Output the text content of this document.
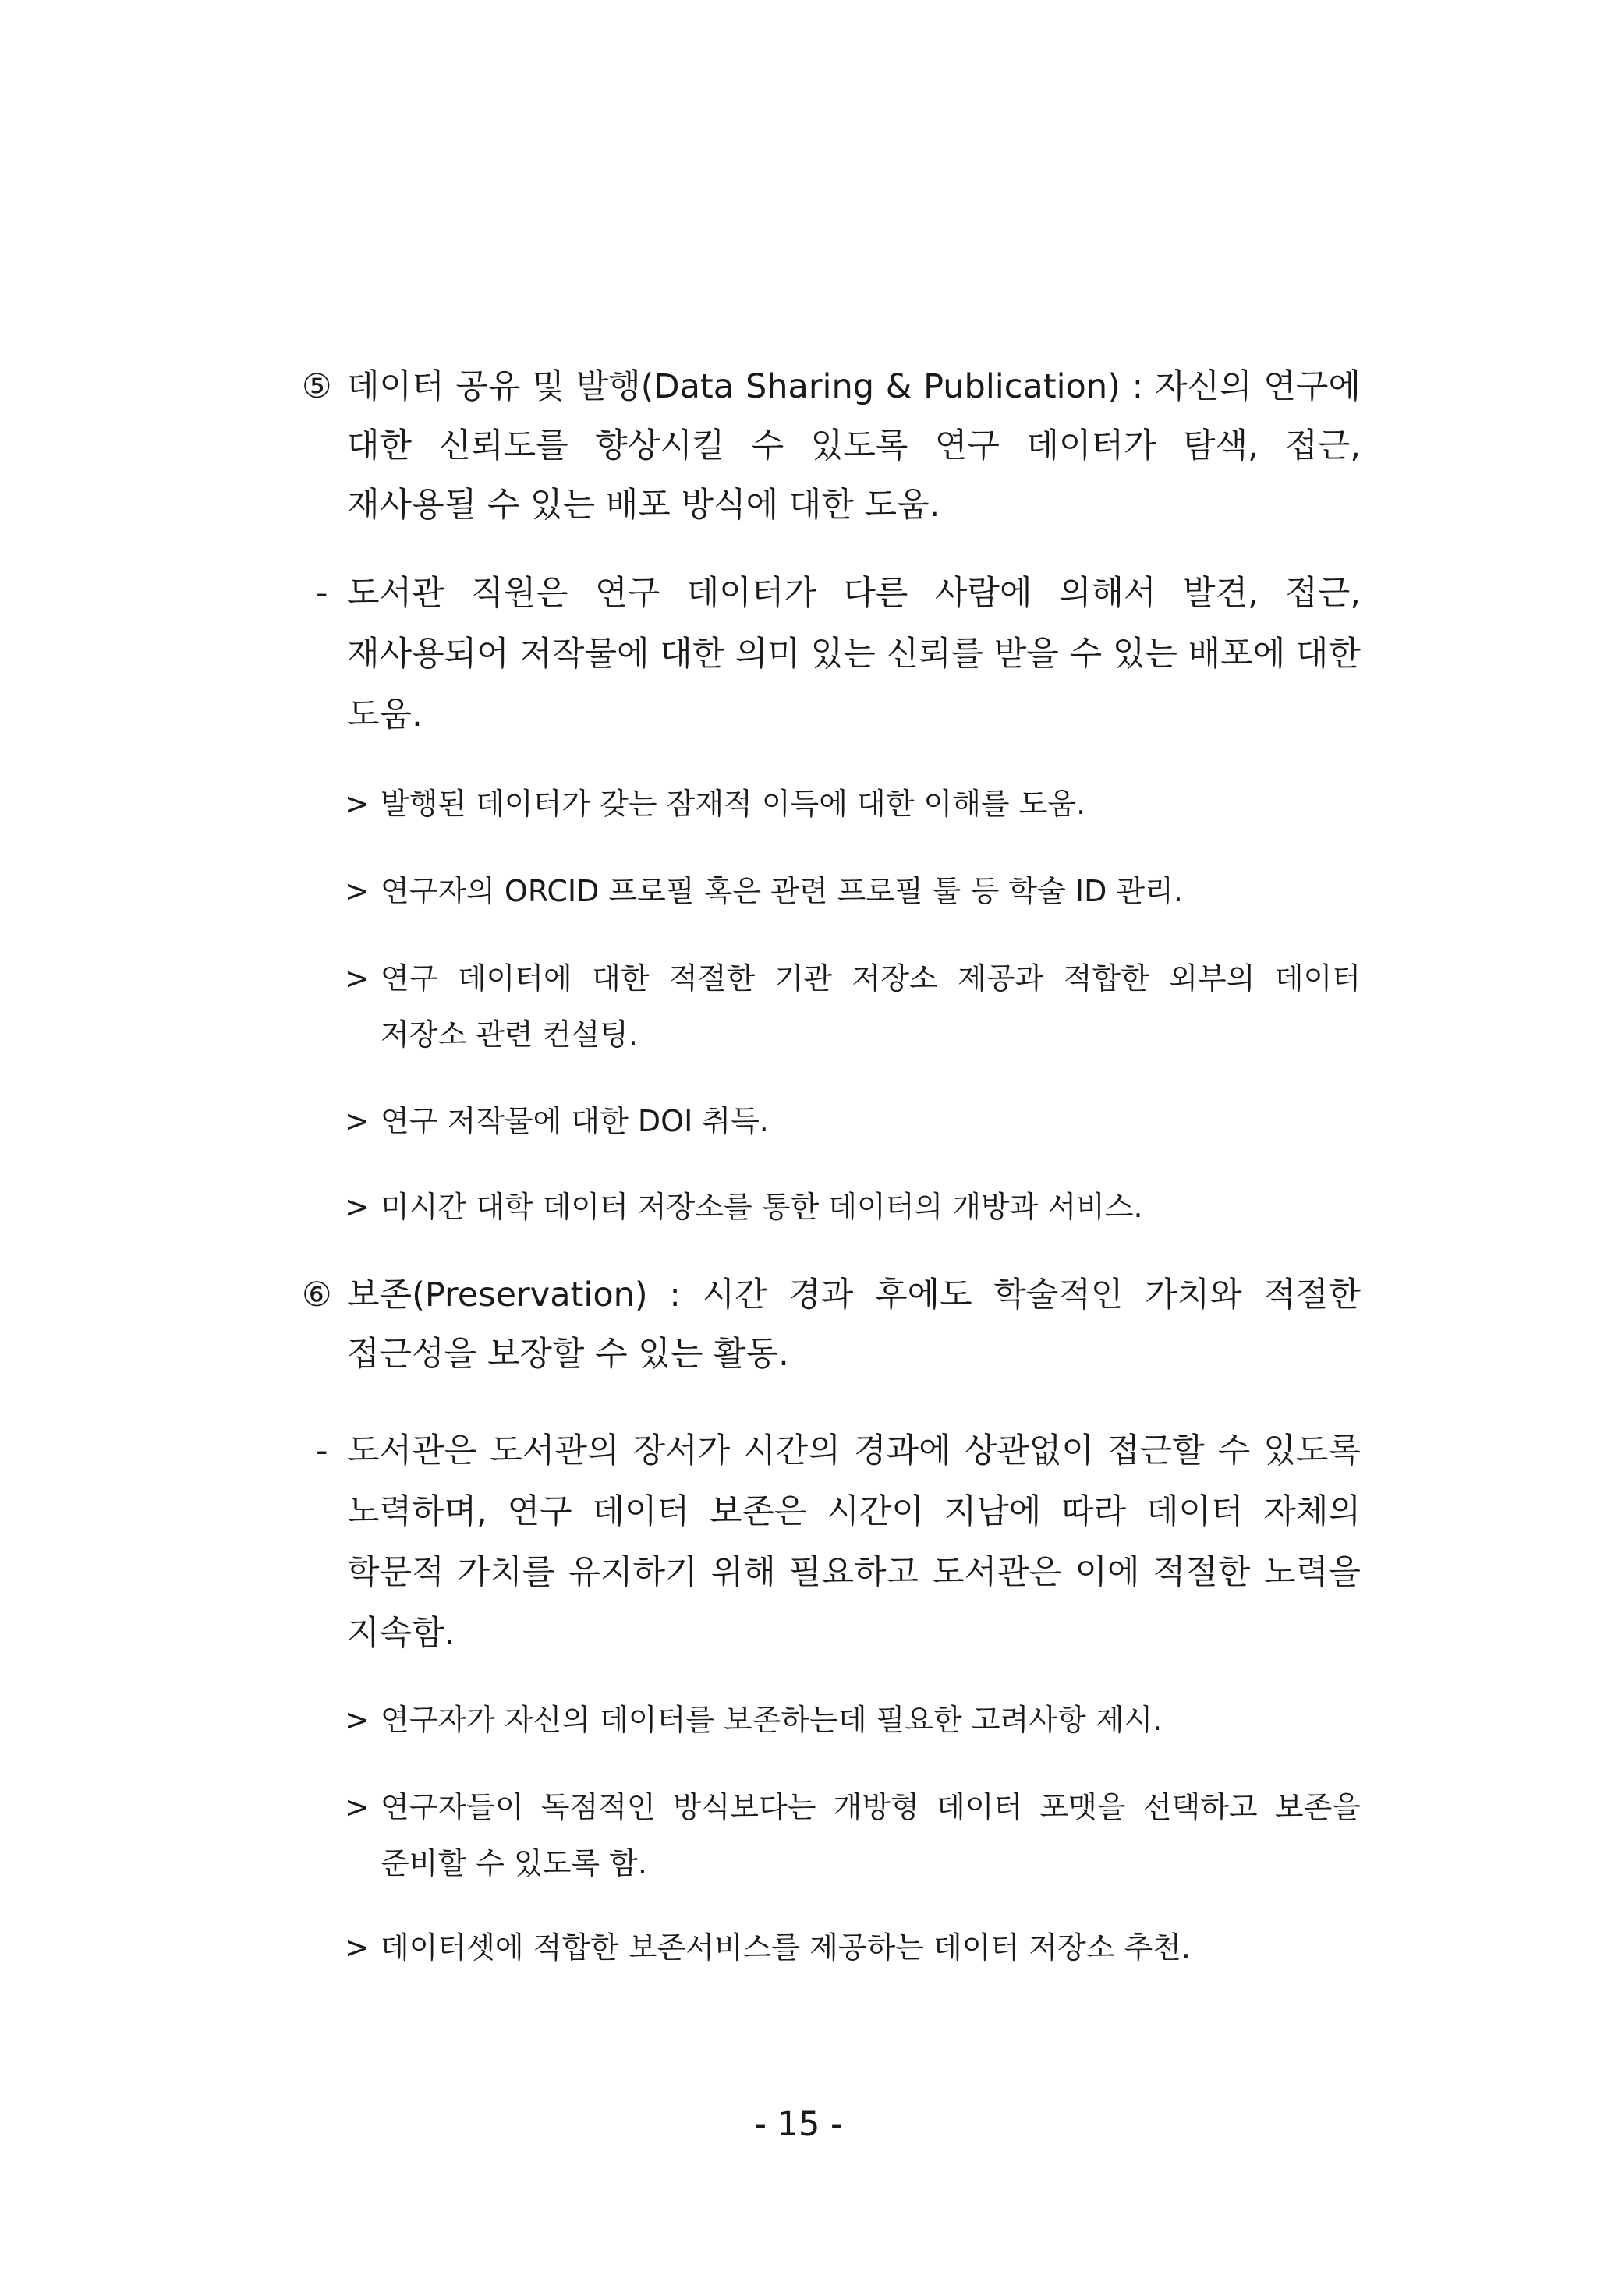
⑤ 데이터 공유 및 발행(Data Sharing & Publication) : 자신의 연구에 대한 신뢰도를 향상시킬 수 있도록 연구 데이터가 탐색, 접근, 재사용될 수 있는 배포 방식에 대한 도움.
- 도서관 직원은 연구 데이터가 다른 사람에 의해서 발견, 접근, 재사용되어 저작물에 대한 의미 있는 신뢰를 받을 수 있는 배포에 대한 도움.
> 발행된 데이터가 갖는 잠재적 이득에 대한 이해를 도움.
> 연구자의 ORCID 프로필 혹은 관련 프로필 툴 등 학술 ID 관리.
> 연구 데이터에 대한 적절한 기관 저장소 제공과 적합한 외부의 데이터 저장소 관련 컨설팅.
> 연구 저작물에 대한 DOI 취득.
> 미시간 대학 데이터 저장소를 통한 데이터의 개방과 서비스.
⑥ 보존(Preservation) : 시간 경과 후에도 학술적인 가치와 적절한 접근성을 보장할 수 있는 활동.
- 도서관은 도서관의 장서가 시간의 경과에 상관없이 접근할 수 있도록 노력하며, 연구 데이터 보존은 시간이 지남에 따라 데이터 자체의 학문적 가치를 유지하기 위해 필요하고 도서관은 이에 적절한 노력을 지속함.
> 연구자가 자신의 데이터를 보존하는데 필요한 고려사항 제시.
> 연구자들이 독점적인 방식보다는 개방형 데이터 포맷을 선택하고 보존을 준비할 수 있도록 함.
> 데이터셋에 적합한 보존서비스를 제공하는 데이터 저장소 추천.
- 15 -
